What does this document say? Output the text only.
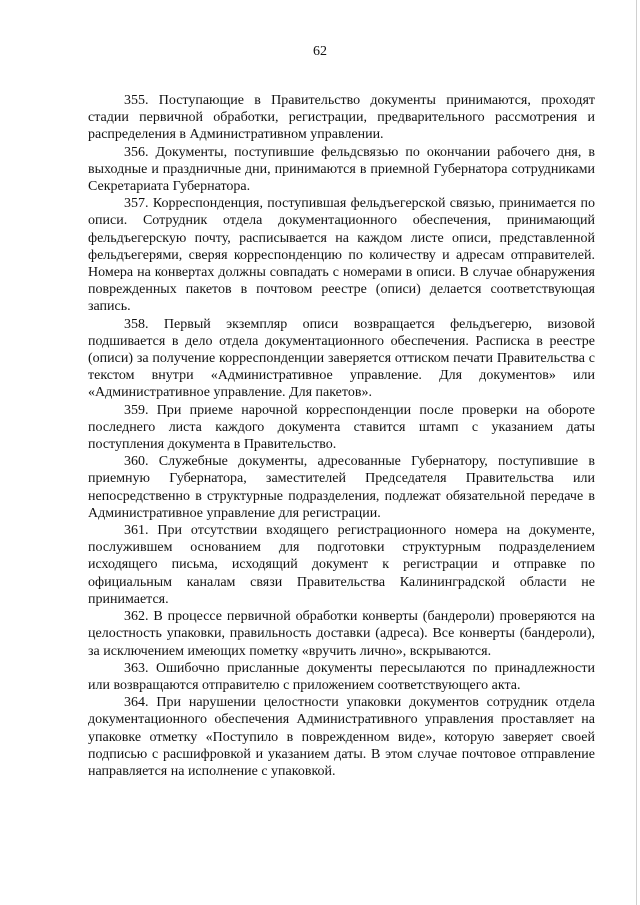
62

355. Поступающие в Правительство документы принимаются, проходят стадии первичной обработки, регистрации, предварительного рассмотрения и распределения в Административном управлении.

356. Документы, поступившие фельдсвязью по окончании рабочего дня, в выходные и праздничные дни, принимаются в приемной Губернатора сотрудниками Секретариата Губернатора.

357. Корреспонденция, поступившая фельдъегерской связью, принимается по описи. Сотрудник отдела документационного обеспечения, принимающий фельдъегерскую почту, расписывается на каждом листе описи, представленной фельдъегерями, сверяя корреспонденцию по количеству и адресам отправителей. Номера на конвертах должны совпадать с номерами в описи. В случае обнаружения поврежденных пакетов в почтовом реестре (описи) делается соответствующая запись.

358. Первый экземпляр описи возвращается фельдъегерю, визовой подшивается в дело отдела документационного обеспечения. Расписка в реестре (описи) за получение корреспонденции заверяется оттиском печати Правительства с текстом внутри «Административное управление. Для документов» или «Административное управление. Для пакетов».

359. При приеме нарочной корреспонденции после проверки на обороте последнего листа каждого документа ставится штамп с указанием даты поступления документа в Правительство.

360. Служебные документы, адресованные Губернатору, поступившие в приемную Губернатора, заместителей Председателя Правительства или непосредственно в структурные подразделения, подлежат обязательной передаче в Административное управление для регистрации.

361. При отсутствии входящего регистрационного номера на документе, послужившем основанием для подготовки структурным подразделением исходящего письма, исходящий документ к регистрации и отправке по официальным каналам связи Правительства Калининградской области не принимается.

362. В процессе первичной обработки конверты (бандероли) проверяются на целостность упаковки, правильность доставки (адреса). Все конверты (бандероли), за исключением имеющих пометку «вручить лично», вскрываются.

363. Ошибочно присланные документы пересылаются по принадлежности или возвращаются отправителю с приложением соответствующего акта.

364. При нарушении целостности упаковки документов сотрудник отдела документационного обеспечения Административного управления проставляет на упаковке отметку «Поступило в поврежденном виде», которую заверяет своей подписью с расшифровкой и указанием даты. В этом случае почтовое отправление направляется на исполнение с упаковкой.
